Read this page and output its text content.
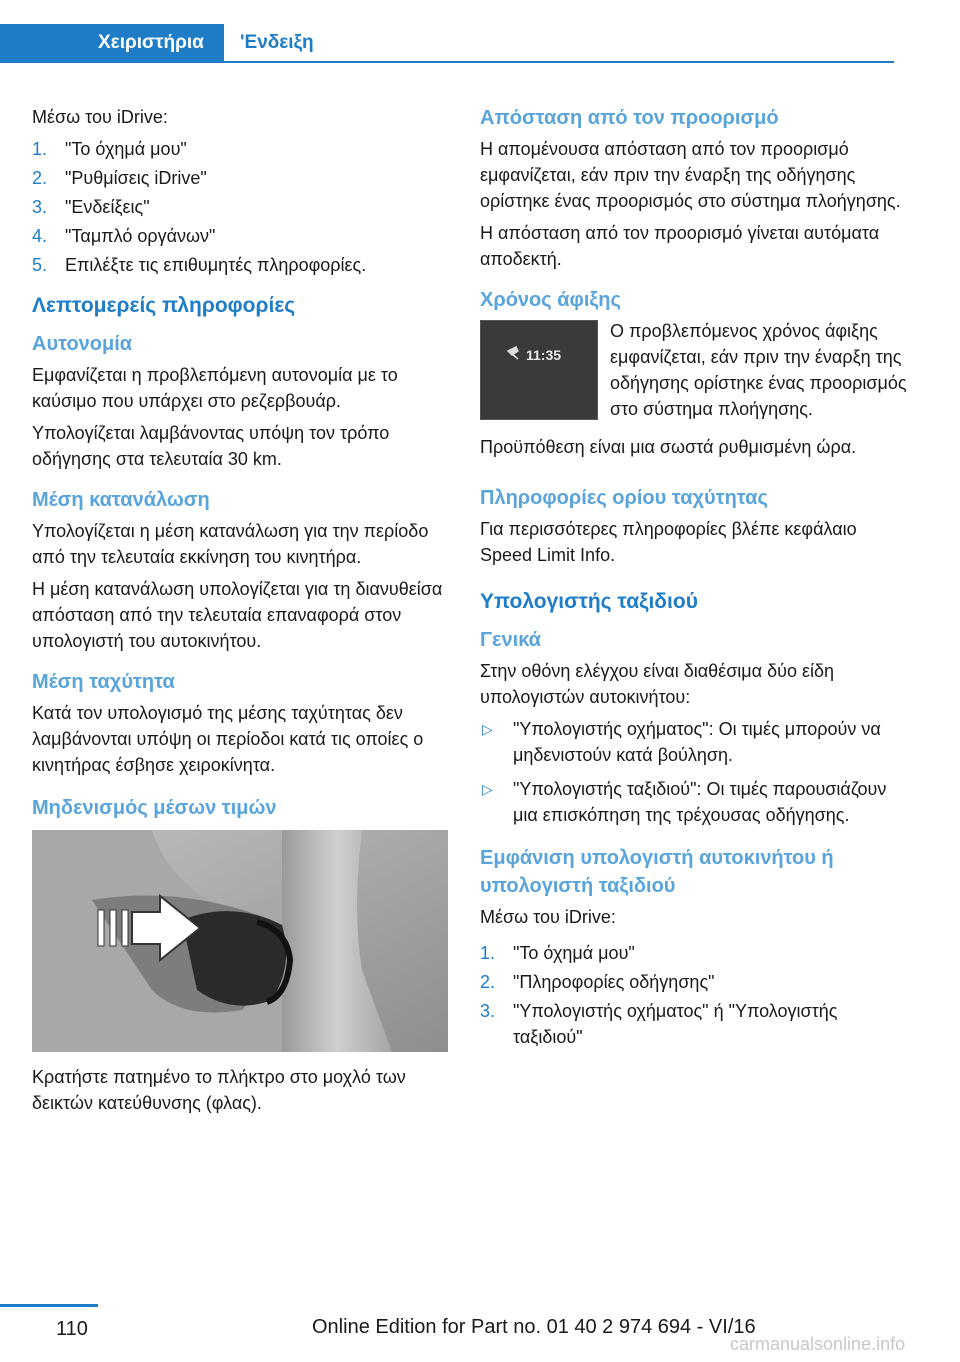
Χειριστήρια	'Ενδειξη

Μέσω του iDrive:

1. "Το όχημά μου"
2. "Ρυθμίσεις iDrive"
3. "Ενδείξεις"
4. "Ταμπλό οργάνων"
5. Επιλέξτε τις επιθυμητές πληροφορίες.
Λεπτομερείς πληροφορίες
Αυτονομία

Εμφανίζεται η προβλεπόμενη αυτονομία με το καύσιμο που υπάρχει στο ρεζερβουάρ.

Υπολογίζεται λαμβάνοντας υπόψη τον τρόπο οδήγησης στα τελευταία 30 km.

Μέση κατανάλωση

Υπολογίζεται η μέση κατανάλωση για την περίοδο από την τελευταία εκκίνηση του κινητήρα.

Η μέση κατανάλωση υπολογίζεται για τη διανυθείσα απόσταση από την τελευταία επαναφορά στον υπολογιστή του αυτοκινήτου.

Μέση ταχύτητα

Κατά τον υπολογισμό της μέσης ταχύτητας δεν λαμβάνονται υπόψη οι περίοδοι κατά τις οποίες ο κινητήρας έσβησε χειροκίνητα.

Μηδενισμός μέσων τιμών

Κρατήστε πατημένο το πλήκτρο στο μοχλό των δεικτών κατεύθυνσης (φλας).

Απόσταση από τον προορισμό

Η απομένουσα απόσταση από τον προορισμό εμφανίζεται, εάν πριν την έναρξη της οδήγησης ορίστηκε ένας προορισμός στο σύστημα πλοήγησης.

Η απόσταση από τον προορισμό γίνεται αυτόματα αποδεκτή.

Χρόνος άφιξης
11:35

Ο προβλεπόμενος χρόνος άφιξης εμφανίζεται, εάν πριν την έναρξη της οδήγησης ορίστηκε ένας προορισμός στο σύστημα πλοήγησης.

Προϋπόθεση είναι μια σωστά ρυθμισμένη ώρα.

Πληροφορίες ορίου ταχύτητας

Για περισσότερες πληροφορίες βλέπε κεφάλαιο Speed Limit Info.

Υπολογιστής ταξιδιού
Γενικά

Στην οθόνη ελέγχου είναι διαθέσιμα δύο είδη υπολογιστών αυτοκινήτου:

▷ "Υπολογιστής οχήματος": Οι τιμές μπορούν να μηδενιστούν κατά βούληση.
▷ "Υπολογιστής ταξιδιού": Οι τιμές παρουσιάζουν μια επισκόπηση της τρέχουσας οδήγησης.
Εμφάνιση υπολογιστή αυτοκινήτου ή υπολογιστή ταξιδιού

Μέσω του iDrive:

1. "Το όχημά μου"
2. "Πληροφορίες οδήγησης"
3. "Υπολογιστής οχήματος" ή "Υπολογιστής ταξιδιού"
110	Online Edition for Part no. 01 40 2 974 694 - VI/16
carmanualsonline.info
